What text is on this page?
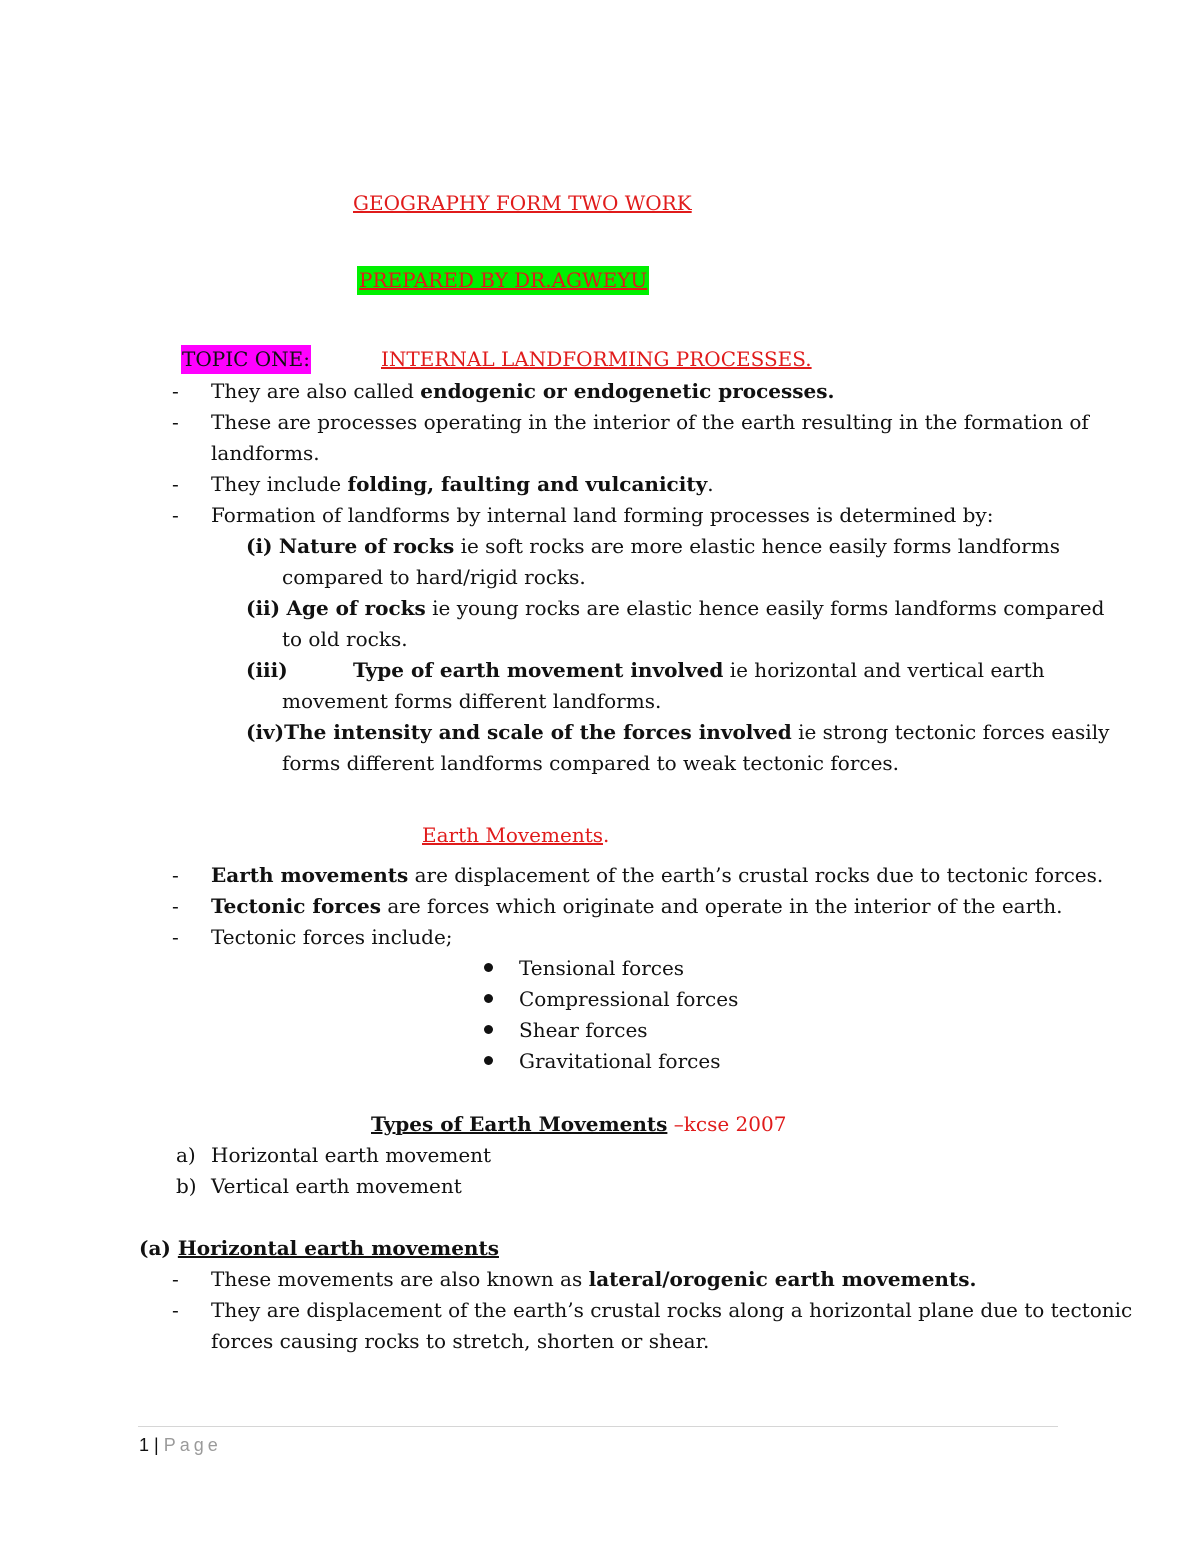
GEOGRAPHY FORM TWO WORK
PREPARED BY DR.AGWEYU
TOPIC ONE:	INTERNAL LANDFORMING PROCESSES.
- They are also called endogenic or endogenetic processes.
- These are processes operating in the interior of the earth resulting in the formation of
landforms.
- They include folding, faulting and vulcanicity.
- Formation of landforms by internal land forming processes is determined by:
(i) Nature of rocks ie soft rocks are more elastic hence easily forms landforms
compared to hard/rigid rocks.
(ii) Age of rocks ie young rocks are elastic hence easily forms landforms compared
to old rocks.
(iii)	Type of earth movement involved ie horizontal and vertical earth
movement forms different landforms.
(iv)The intensity and scale of the forces involved ie strong tectonic forces easily
forms different landforms compared to weak tectonic forces.
Earth Movements.
- Earth movements are displacement of the earth’s crustal rocks due to tectonic forces.
- Tectonic forces are forces which originate and operate in the interior of the earth.
- Tectonic forces include;
Tensional forces
Compressional forces
Shear forces
Gravitational forces
Types of Earth Movements –kcse 2007
a) Horizontal earth movement
b) Vertical earth movement
(a) Horizontal earth movements
- These movements are also known as lateral/orogenic earth movements.
- They are displacement of the earth’s crustal rocks along a horizontal plane due to tectonic
forces causing rocks to stretch, shorten or shear.
1 | Page
